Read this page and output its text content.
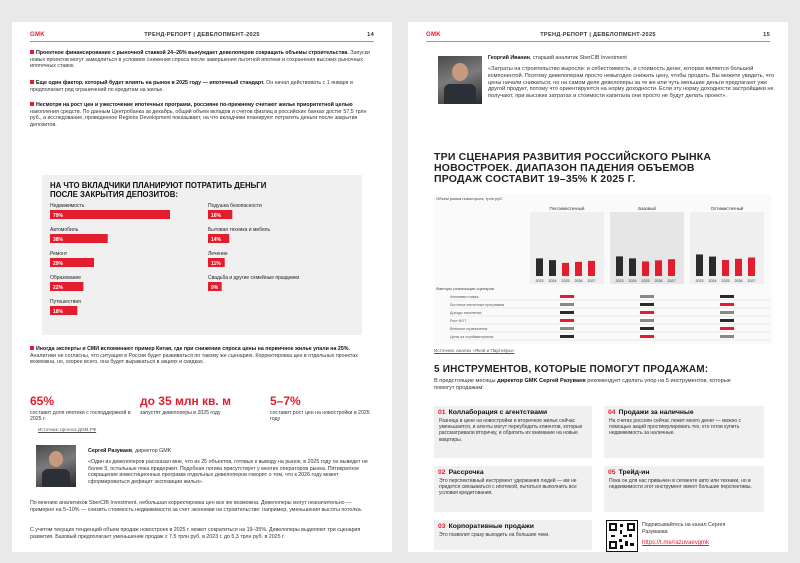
GMK	ТРЕНД-РЕПОРТ | ДЕВЕЛОПМЕНТ-2025	14
Проектное финансирование с рыночной ставкой 24–26% вынуждает девелоперов сокращать объемы строительства. Запуски новых проектов могут замедлиться в условиях снижения спроса после завершения льготной ипотеки и сохранения высоких рыночных ипотечных ставок.
Еще один фактор, который будет влиять на рынок в 2025 году — ипотечный стандарт. Он начал действовать с 1 января и предполагает ряд ограничений по кредитам на жилье.
Несмотря на рост цен и ужесточение ипотечных программ, россияне по-прежнему считают жилье приоритетной целью накопления средств. По данным Центробанка за декабрь, общий объем вкладов и счетов физлиц в российских банках достиг 57,5 трлн руб., а исследование, проведенное Regions Development показывает, на что вкладчики планируют потратить деньги после закрытия депозитов.
НА ЧТО ВКЛАДЧИКИ ПЛАНИРУЮТ ПОТРАТИТЬ ДЕНЬГИ ПОСЛЕ ЗАКРЫТИЯ ДЕПОЗИТОВ:
Недвижимость
79%
Автомобиль
38%
Ремонт
29%
Образование
22%
Путешествия
18%
Подушка безопасности
16%
Бытовая техника и мебель
14%
Лечение
11%
Свадьба и другие семейные праздники
9%
Иногда эксперты и СМИ вспоминают пример Китая, где при снижении спроса цены на первичное жилье упали на 25%. Аналитики не согласны, что ситуация в России будет развиваться по такому же сценарию. Корректировка цен в отдельных проектах возможна, но, скорее всего, она будет выражаться в акциях и скидках.
65%
составит доля ипотеки с господдержкой в 2025 г.
до 35 млн кв. м
запустят девелоперы в 2025 году
5–7%
составит рост цен на новостройки в 2025 году
Источник: прогноз ДОМ.РФ
Сергей Разуваев, директор GMK
«Один из девелоперов рассказал мне, что из 25 объектов, готовых к выводу на рынок, в 2025 году он выведет не более 5, остальные пока придержит. Подобная логика присутствует у многих операторов рынка. Пятикратное сокращение инвестиционных программ отдельных девелоперов говорит о том, что к 2026 году может сформироваться дефицит экспозиции жилья».
По мнению аналитиков SberCIB Investment, небольшая корректировка цен все же возможна. Девелоперы могут незначительно — примерно на 5–10% — снизить стоимость недвижимости за счет экономии на строительстве: например, уменьшения высоты потолка.
С учетом текущих тенденций объем продаж новостроек в 2025 г. может сократиться на 19–35%. Девелоперы выделяют три сценария развития. Базовый предполагает уменьшение продаж с 7,5 трлн руб. в 2023 г. до 5,3 трлн руб. в 2025 г.
GMK	ТРЕНД-РЕПОРТ | ДЕВЕЛОПМЕНТ-2025	15
Георгий Иванин, старший аналитик SberCIB Investment
«Затраты на строительство выросли: и себестоимость, и стоимость денег, которая является большой компонентой. Поэтому девелоперам просто невыгодно снижать цену, чтобы продать. Вы можете увидеть, что цены начали снижаться, но на самом деле девелоперы за те же или чуть меньшие деньги предлагают уже другой продукт, потому что ориентируются на норму доходности. Если эту норму доходности застройщики не получают, при высоких затратах и стоимости капитала они просто не будут делать проект».
ТРИ СЦЕНАРИЯ РАЗВИТИЯ РОССИЙСКОГО РЫНКА НОВОСТРОЕК. ДИАПАЗОН ПАДЕНИЯ ОБЪЕМОВ ПРОДАЖ СОСТАВИТ 19–35% К 2025 Г.
Объем рынка новостроек, трлн руб.
Пессимистичный
2023 2024 2025 2026 2027
Базовый
2023 2024 2025 2026 2027
Оптимистичный
2023 2024 2025 2026 2027
Факторы реализации сценария
Ключевая ставка
Льготные ипотечные программы
Доходы населения
Рост ФОТ
Внешние ограничения
Цены на стройматериалы
Источник: анализ «Яков и Партнёры»
5 ИНСТРУМЕНТОВ, КОТОРЫЕ ПОМОГУТ ПРОДАЖАМ:
В предстоящие месяцы директор GMK Сергей Разуваев рекомендует сделать упор на 5 инструментов, которые помогут продажам:
01 Коллаборация с агентствами
Разница в цене на новостройки и вторичное жилье сейчас уменьшается, и агенты могут переубедить клиентов, которые рассматривали вторичку, и обратить их внимание на новые квартиры.
02 Рассрочка
Это перспективный инструмент удержания людей — им не придется связываться с ипотекой, пытаться выполнить все условия кредитования.
03 Корпоративные продажи
Это позволит сразу выходить на большие чеки.
04 Продажи за наличные
На счетах россиян сейчас лежит много денег — можно с помощью акций простимулировать тех, кто готов купить недвижимость за наличные.
05 Трейд-ин
Пока он для нас привычен в сегменте авто или техники, но в недвижимости этот инструмент имеет большие перспективы.
Подписывайтесь на канал Сергея Разуваева
https://t.me/razuvaevgmk
